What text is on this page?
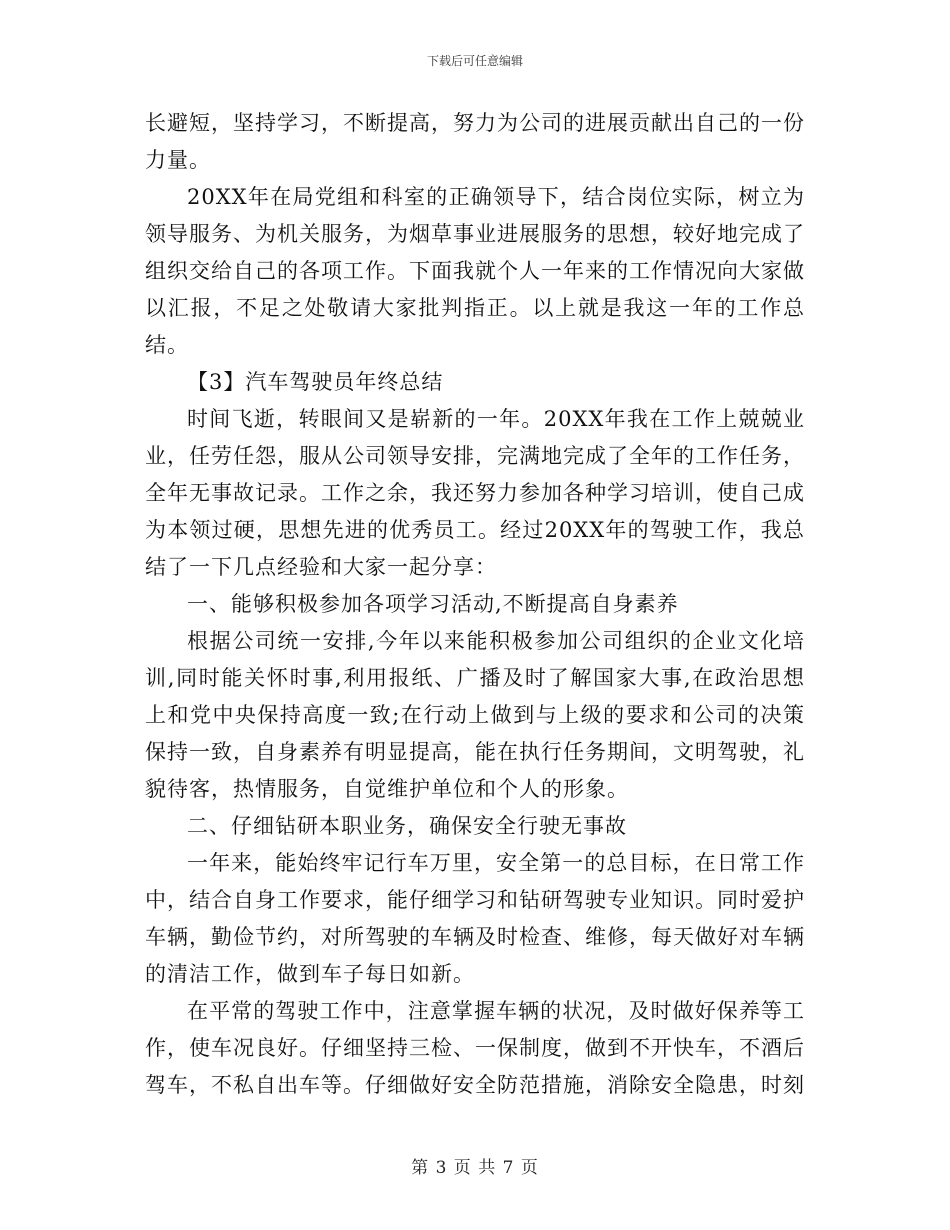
下载后可任意编辑

长避短，坚持学习，不断提高，努力为公司的进展贡献出自己的一份力量。

20XX年在局党组和科室的正确领导下，结合岗位实际，树立为领导服务、为机关服务，为烟草事业进展服务的思想，较好地完成了组织交给自己的各项工作。下面我就个人一年来的工作情况向大家做以汇报，不足之处敬请大家批判指正。以上就是我这一年的工作总结。

【3】汽车驾驶员年终总结

时间飞逝，转眼间又是崭新的一年。20XX年我在工作上兢兢业业，任劳任怨，服从公司领导安排，完满地完成了全年的工作任务，全年无事故记录。工作之余，我还努力参加各种学习培训，使自己成为本领过硬，思想先进的优秀员工。经过20XX年的驾驶工作，我总结了一下几点经验和大家一起分享：

一、能够积极参加各项学习活动,不断提高自身素养

根据公司统一安排,今年以来能积极参加公司组织的企业文化培训,同时能关怀时事,利用报纸、广播及时了解国家大事,在政治思想上和党中央保持高度一致;在行动上做到与上级的要求和公司的决策保持一致，自身素养有明显提高，能在执行任务期间，文明驾驶，礼貌待客，热情服务，自觉维护单位和个人的形象。

二、仔细钻研本职业务，确保安全行驶无事故

一年来，能始终牢记行车万里，安全第一的总目标，在日常工作中，结合自身工作要求，能仔细学习和钻研驾驶专业知识。同时爱护车辆，勤俭节约，对所驾驶的车辆及时检查、维修，每天做好对车辆的清洁工作，做到车子每日如新。

在平常的驾驶工作中，注意掌握车辆的状况，及时做好保养等工作，使车况良好。仔细坚持三检、一保制度，做到不开快车，不酒后驾车，不私自出车等。仔细做好安全防范措施，消除安全隐患，时刻

第 3 页 共 7 页
